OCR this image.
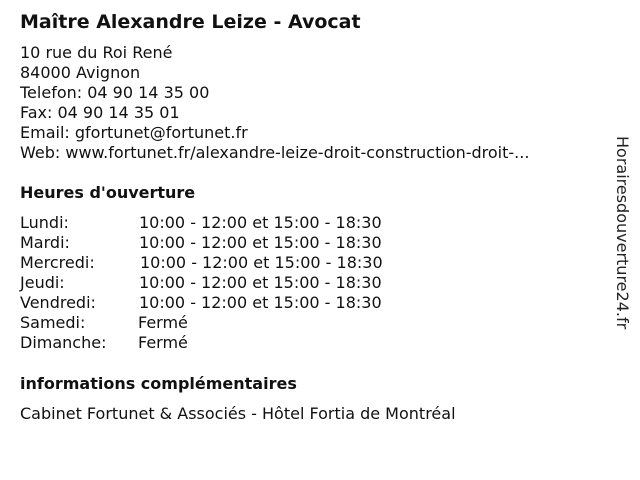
Maître Alexandre Leize - Avocat
10 rue du Roi René
84000 Avignon
Telefon: 04 90 14 35 00
Fax: 04 90 14 35 01
Email: gfortunet@fortunet.fr
Web: www.fortunet.fr/alexandre-leize-droit-construction-droit-...
Heures d'ouverture
Lundi:	10:00 - 12:00 et 15:00 - 18:30
Mardi:	10:00 - 12:00 et 15:00 - 18:30
Mercredi:	10:00 - 12:00 et 15:00 - 18:30
Jeudi:	10:00 - 12:00 et 15:00 - 18:30
Vendredi:	10:00 - 12:00 et 15:00 - 18:30
Samedi:	Fermé
Dimanche: Fermé
informations complémentaires
Cabinet Fortunet & Associés - Hôtel Fortia de Montréal
Horairesdouverture24.fr
